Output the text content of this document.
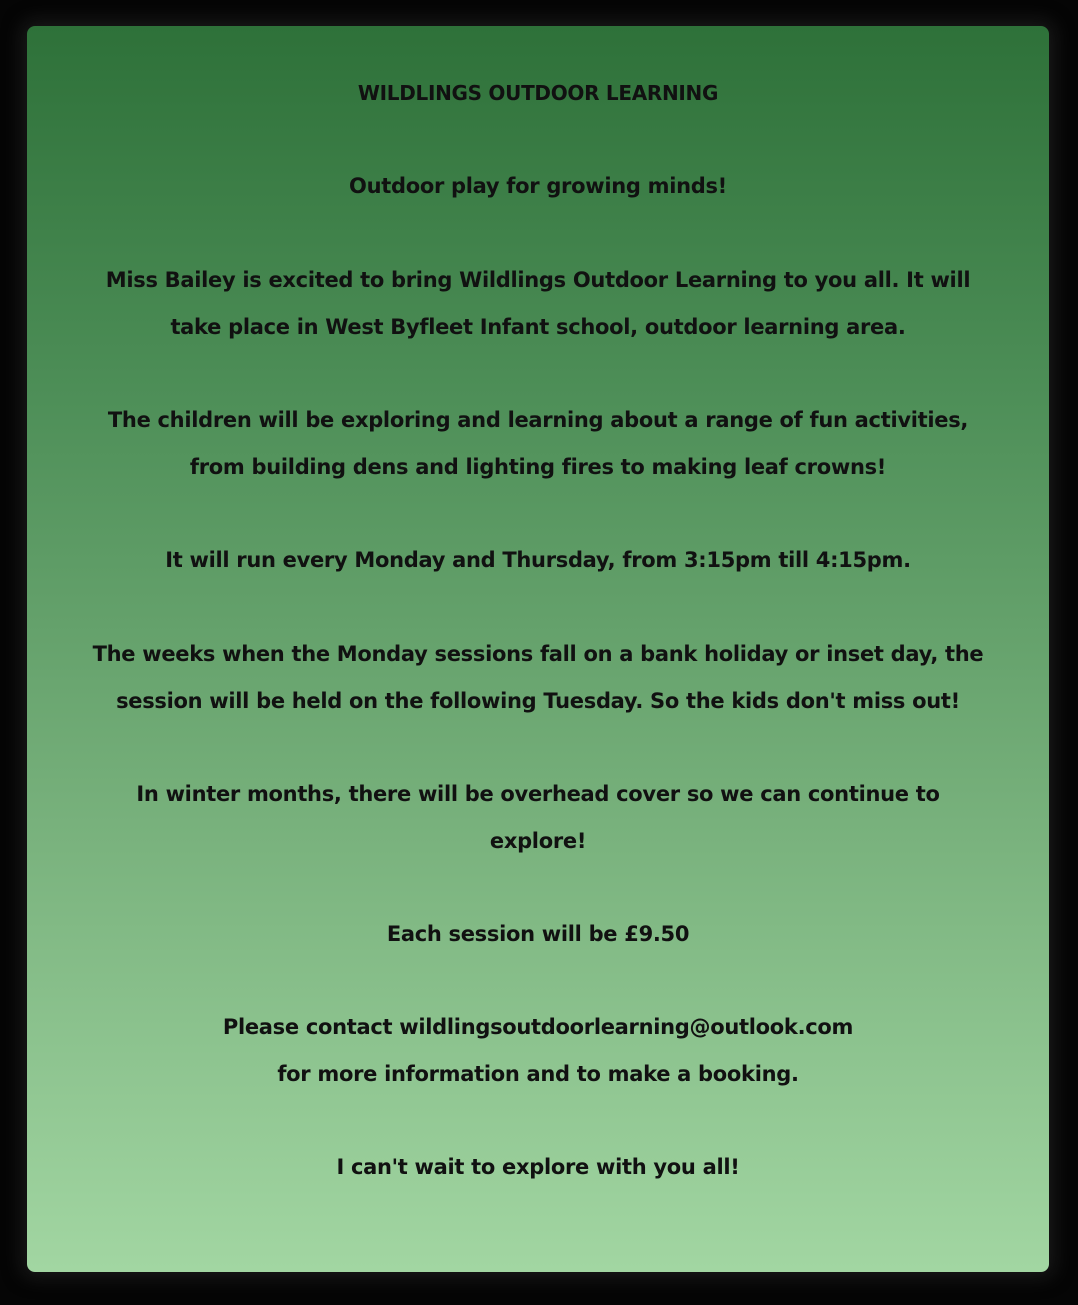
WILDLINGS OUTDOOR LEARNING
Outdoor play for growing minds!
Miss Bailey is excited to bring Wildlings Outdoor Learning to you all. It will
take place in West Byfleet Infant school, outdoor learning area.
The children will be exploring and learning about a range of fun activities,
from building dens and lighting fires to making leaf crowns!
It will run every Monday and Thursday, from 3:15pm till 4:15pm.
The weeks when the Monday sessions fall on a bank holiday or inset day, the
session will be held on the following Tuesday. So the kids don't miss out!
In winter months, there will be overhead cover so we can continue to
explore!
Each session will be £9.50
Please contact wildlingsoutdoorlearning@outlook.com
for more information and to make a booking.
I can't wait to explore with you all!
